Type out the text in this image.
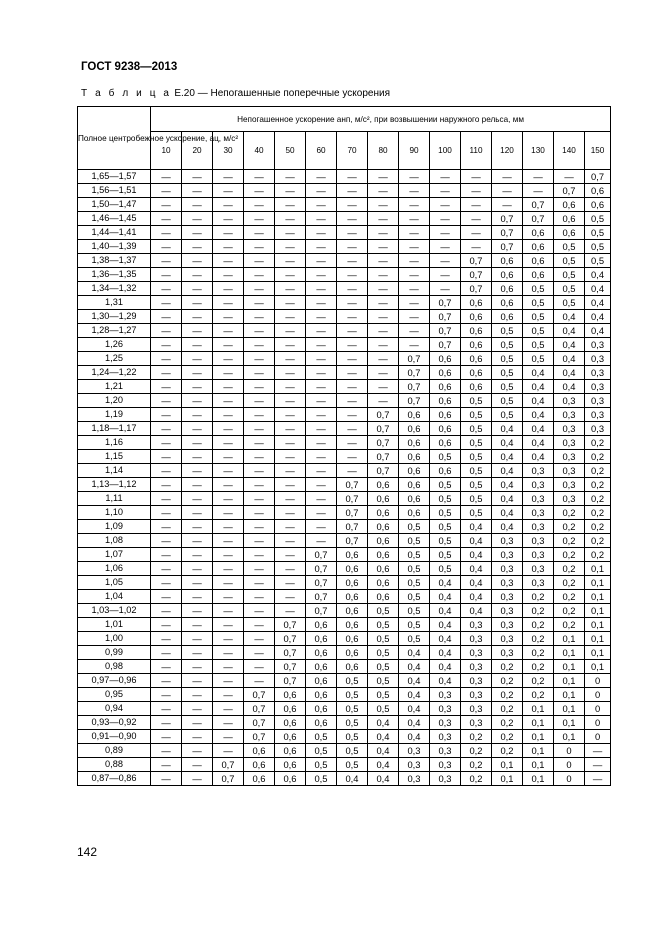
ГОСТ 9238—2013
Т а б л и ц а Е.20 — Непогашенные поперечные ускорения
Полное центробежное ускорение, aц, м/с²	Непогашенное ускорение aнп, м/с², при возвышении наружного рельса, мм														
	10	20	30	40	50	60	70	80	90	100	110	120	130	140	150
1,65—1,57	—	—	—	—	—	—	—	—	—	—	—	—	—	—	0,7
1,56—1,51	—	—	—	—	—	—	—	—	—	—	—	—	—	0,7	0,6
1,50—1,47	—	—	—	—	—	—	—	—	—	—	—	—	0,7	0,6	0,6
1,46—1,45	—	—	—	—	—	—	—	—	—	—	—	0,7	0,7	0,6	0,5
1,44—1,41	—	—	—	—	—	—	—	—	—	—	—	0,7	0,6	0,6	0,5
1,40—1,39	—	—	—	—	—	—	—	—	—	—	—	0,7	0,6	0,5	0,5
1,38—1,37	—	—	—	—	—	—	—	—	—	—	0,7	0,6	0,6	0,5	0,5
1,36—1,35	—	—	—	—	—	—	—	—	—	—	0,7	0,6	0,6	0,5	0,4
1,34—1,32	—	—	—	—	—	—	—	—	—	—	0,7	0,6	0,5	0,5	0,4
1,31	—	—	—	—	—	—	—	—	—	0,7	0,6	0,6	0,5	0,5	0,4
1,30—1,29	—	—	—	—	—	—	—	—	—	0,7	0,6	0,6	0,5	0,4	0,4
1,28—1,27	—	—	—	—	—	—	—	—	—	0,7	0,6	0,5	0,5	0,4	0,4
1,26	—	—	—	—	—	—	—	—	—	0,7	0,6	0,5	0,5	0,4	0,3
1,25	—	—	—	—	—	—	—	—	0,7	0,6	0,6	0,5	0,5	0,4	0,3
1,24—1,22	—	—	—	—	—	—	—	—	0,7	0,6	0,6	0,5	0,4	0,4	0,3
1,21	—	—	—	—	—	—	—	—	0,7	0,6	0,6	0,5	0,4	0,4	0,3
1,20	—	—	—	—	—	—	—	—	0,7	0,6	0,5	0,5	0,4	0,3	0,3
1,19	—	—	—	—	—	—	—	0,7	0,6	0,6	0,5	0,5	0,4	0,3	0,3
1,18—1,17	—	—	—	—	—	—	—	0,7	0,6	0,6	0,5	0,4	0,4	0,3	0,3
1,16	—	—	—	—	—	—	—	0,7	0,6	0,6	0,5	0,4	0,4	0,3	0,2
1,15	—	—	—	—	—	—	—	0,7	0,6	0,5	0,5	0,4	0,4	0,3	0,2
1,14	—	—	—	—	—	—	—	0,7	0,6	0,6	0,5	0,4	0,3	0,3	0,2
1,13—1,12	—	—	—	—	—	—	0,7	0,6	0,6	0,5	0,5	0,4	0,3	0,3	0,2
1,11	—	—	—	—	—	—	0,7	0,6	0,6	0,5	0,5	0,4	0,3	0,3	0,2
1,10	—	—	—	—	—	—	0,7	0,6	0,6	0,5	0,5	0,4	0,3	0,2	0,2
1,09	—	—	—	—	—	—	0,7	0,6	0,5	0,5	0,4	0,4	0,3	0,2	0,2
1,08	—	—	—	—	—	—	0,7	0,6	0,5	0,5	0,4	0,3	0,3	0,2	0,2
1,07	—	—	—	—	—	0,7	0,6	0,6	0,5	0,5	0,4	0,3	0,3	0,2	0,2
1,06	—	—	—	—	—	0,7	0,6	0,6	0,5	0,5	0,4	0,3	0,3	0,2	0,1
1,05	—	—	—	—	—	0,7	0,6	0,6	0,5	0,4	0,4	0,3	0,3	0,2	0,1
1,04	—	—	—	—	—	0,7	0,6	0,6	0,5	0,4	0,4	0,3	0,2	0,2	0,1
1,03—1,02	—	—	—	—	—	0,7	0,6	0,5	0,5	0,4	0,4	0,3	0,2	0,2	0,1
1,01	—	—	—	—	0,7	0,6	0,6	0,5	0,5	0,4	0,3	0,3	0,2	0,2	0,1
1,00	—	—	—	—	0,7	0,6	0,6	0,5	0,5	0,4	0,3	0,3	0,2	0,1	0,1
0,99	—	—	—	—	0,7	0,6	0,6	0,5	0,4	0,4	0,3	0,3	0,2	0,1	0,1
0,98	—	—	—	—	0,7	0,6	0,6	0,5	0,4	0,4	0,3	0,2	0,2	0,1	0,1
0,97—0,96	—	—	—	—	0,7	0,6	0,5	0,5	0,4	0,4	0,3	0,2	0,2	0,1	0
0,95	—	—	—	0,7	0,6	0,6	0,5	0,5	0,4	0,3	0,3	0,2	0,2	0,1	0
0,94	—	—	—	0,7	0,6	0,6	0,5	0,5	0,4	0,3	0,3	0,2	0,1	0,1	0
0,93—0,92	—	—	—	0,7	0,6	0,6	0,5	0,4	0,4	0,3	0,3	0,2	0,1	0,1	0
0,91—0,90	—	—	—	0,7	0,6	0,5	0,5	0,4	0,4	0,3	0,2	0,2	0,1	0,1	0
0,89	—	—	—	0,6	0,6	0,5	0,5	0,4	0,3	0,3	0,2	0,2	0,1	0	—
0,88	—	—	0,7	0,6	0,6	0,5	0,5	0,4	0,3	0,3	0,2	0,1	0,1	0	—
0,87—0,86	—	—	0,7	0,6	0,6	0,5	0,4	0,4	0,3	0,3	0,2	0,1	0,1	0	—
142
